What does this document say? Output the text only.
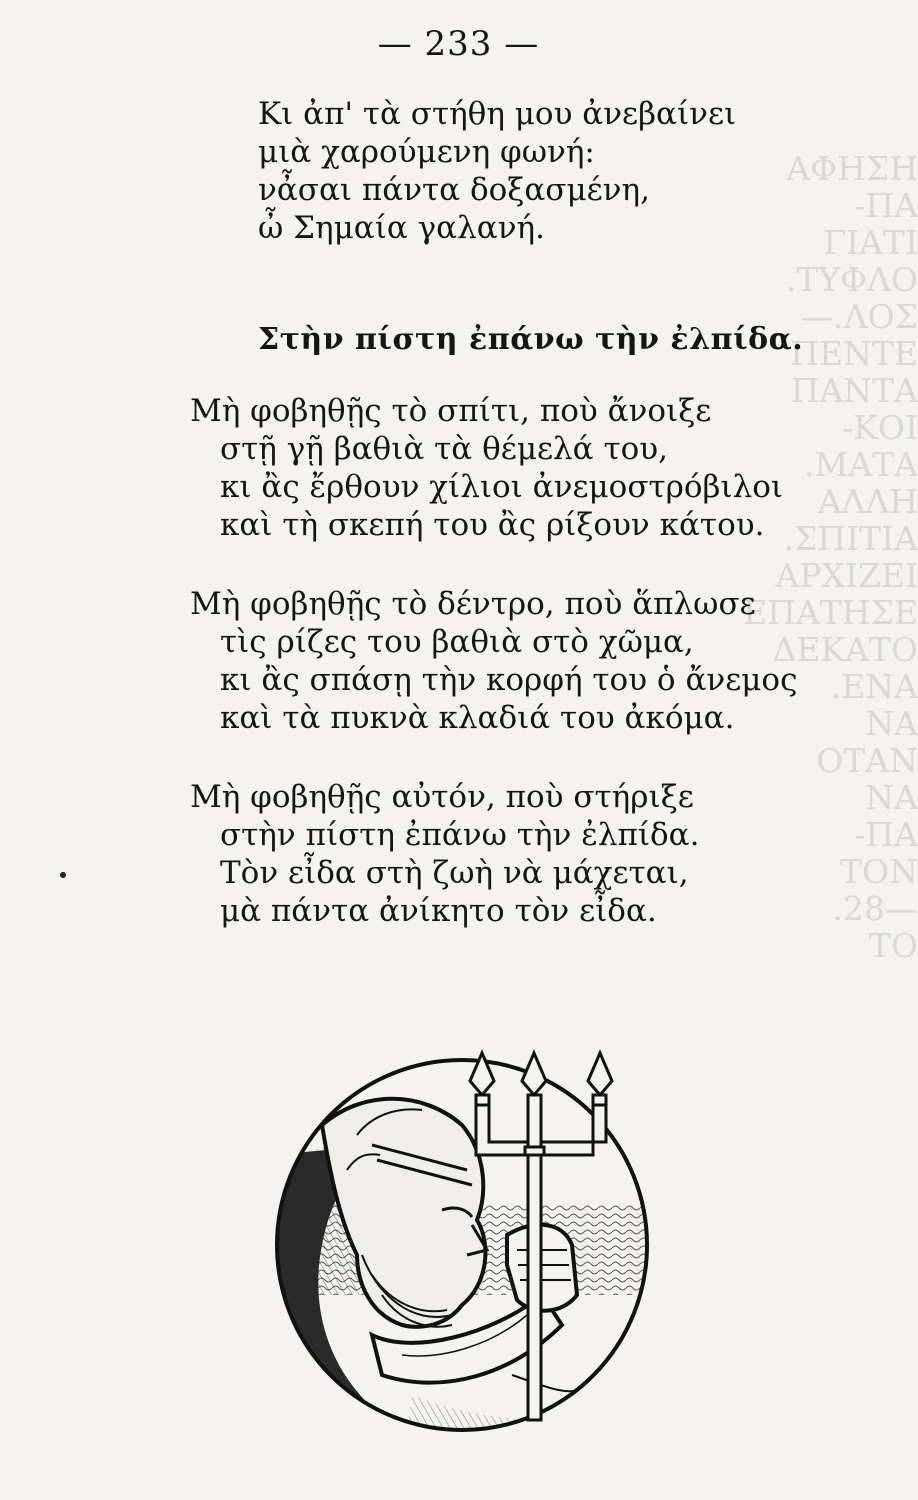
ΑΦΗΣΗ
ΠΑ-
ΓΙΑΤΙ
ΤΥΦΛΟ.
ΛΟΣ.—
ΠΕΝΤΕ
ΠΑΝΤΑ
ΚΟΙ-
ΜΑΤΑ.
ΑΛΛΗ
ΣΠΙΤΙΑ.
ΑΡΧΙΖΕΙ
ΕΠΑΤΗΣΕ
ΔΕΚΑΤΟ
ΕΝΑ.
ΝΑ
ΟΤΑΝ
ΝΑ
ΠΑ-
ΤΟΝ
—28.
ΤΟ
— 233 —
Κι ἀπ' τὰ στήθη μου ἀνεβαίνει
μιὰ χαρούμενη φωνή:
νἆσαι πάντα δοξασμένη,
ὦ Σημαία γαλανή.
Στὴν πίστη ἐπάνω τὴν ἐλπίδα.
Μὴ φοβηθῇς τὸ σπίτι, ποὺ ἄνοιξε
στῇ γῇ βαθιὰ τὰ θέμελά του,
κι ἂς ἔρθουν χίλιοι ἀνεμοστρόβιλοι
καὶ τὴ σκεπή του ἂς ρίξουν κάτου.
Μὴ φοβηθῇς τὸ δέντρο, ποὺ ἅπλωσε
τὶς ρίζες του βαθιὰ στὸ χῶμα,
κι ἂς σπάσῃ τὴν κορφή του ὁ ἄνεμος
καὶ τὰ πυκνὰ κλαδιά του ἀκόμα.
Μὴ φοβηθῇς αὐτόν, ποὺ στήριξε
στὴν πίστη ἐπάνω τὴν ἐλπίδα.
Τὸν εἶδα στὴ ζωὴ νὰ μάχεται,
μὰ πάντα ἀνίκητο τὸν εἶδα.
